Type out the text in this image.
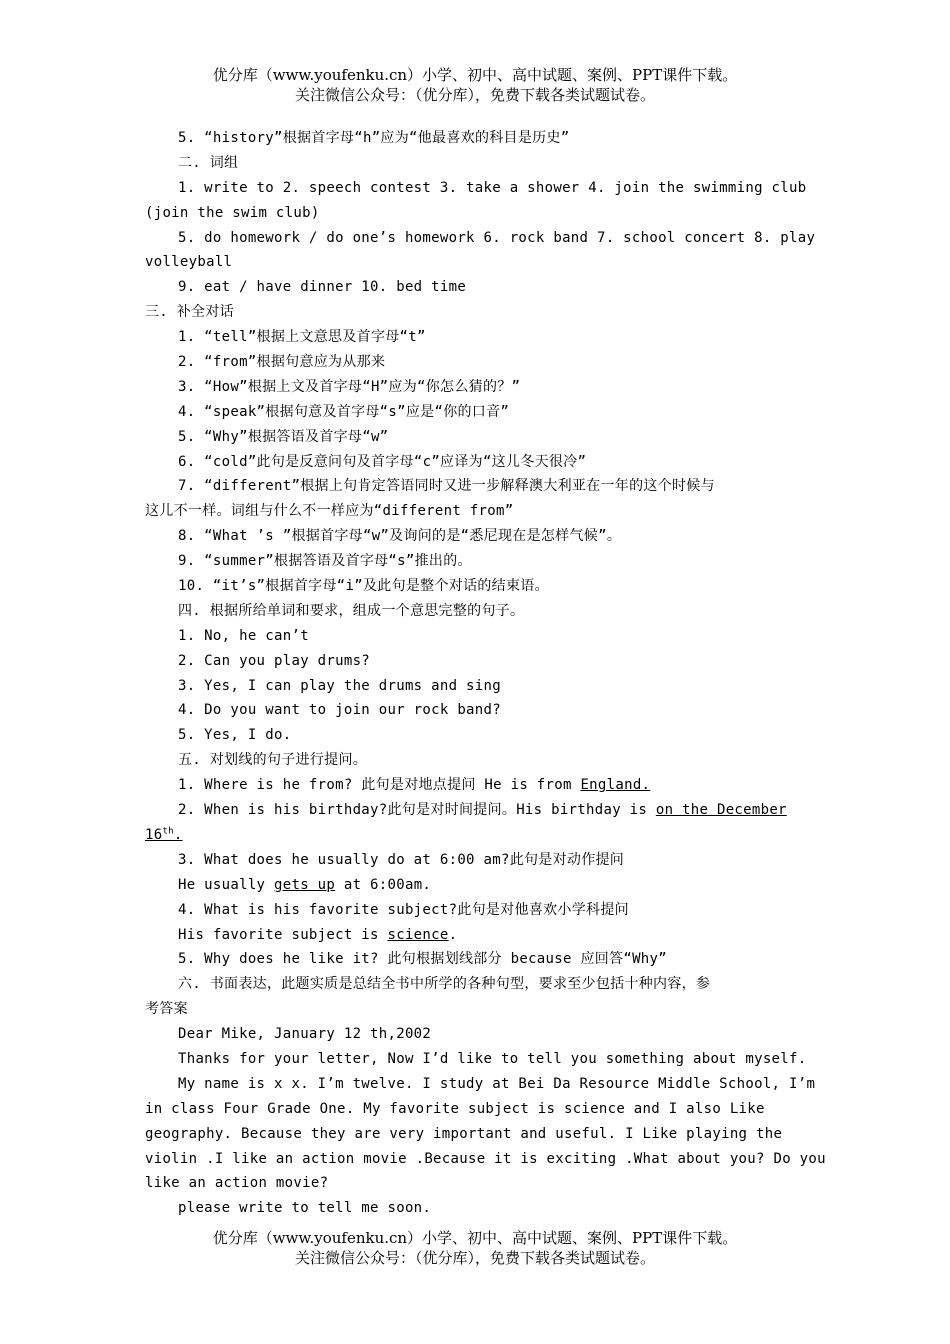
优分库（www.youfenku.cn）小学、初中、高中试题、案例、PPT课件下载。
关注微信公众号：（优分库），免费下载各类试题试卷。
5. “history”根据首字母“h”应为“他最喜欢的科目是历史”
二. 词组
1. write to 2. speech contest 3. take a shower 4. join the swimming club
(join the swim club)
5. do homework / do one’s homework 6. rock band 7. school concert 8. play
volleyball
9. eat / have dinner 10. bed time
三. 补全对话
1. “tell”根据上文意思及首字母“t”
2. “from”根据句意应为从那来
3. “How”根据上文及首字母“H”应为“你怎么猜的？”
4. “speak”根据句意及首字母“s”应是“你的口音”
5. “Why”根据答语及首字母“w”
6. “cold”此句是反意问句及首字母“c”应译为“这儿冬天很冷”
7. “different”根据上句肯定答语同时又进一步解释澳大利亚在一年的这个时候与
这儿不一样。词组与什么不一样应为“different from”
8. “What ’s ”根据首字母“w”及询问的是“悉尼现在是怎样气候”。
9. “summer”根据答语及首字母“s”推出的。
10. “it’s”根据首字母“i”及此句是整个对话的结束语。
四. 根据所给单词和要求，组成一个意思完整的句子。
1. No, he can’t
2. Can you play drums?
3. Yes, I can play the drums and sing
4. Do you want to join our rock band?
5. Yes, I do.
五. 对划线的句子进行提问。
1. Where is he from? 此句是对地点提问 He is from England.
2. When is his birthday?此句是对时间提问。His birthday is on the December
16th.
3. What does he usually do at 6:00 am?此句是对动作提问
He usually gets up at 6:00am.
4. What is his favorite subject?此句是对他喜欢小学科提问
His favorite subject is science.
5. Why does he like it? 此句根据划线部分 because 应回答“Why”
六. 书面表达，此题实质是总结全书中所学的各种句型，要求至少包括十种内容，参
考答案
Dear Mike, January 12 th,2002
Thanks for your letter, Now I’d like to tell you something about myself.
My name is x x. I’m twelve. I study at Bei Da Resource Middle School, I’m
in class Four Grade One. My favorite subject is science and I also Like
geography. Because they are very important and useful. I Like playing the
violin .I like an action movie .Because it is exciting .What about you? Do you
like an action movie?
please write to tell me soon.
优分库（www.youfenku.cn）小学、初中、高中试题、案例、PPT课件下载。
关注微信公众号：（优分库），免费下载各类试题试卷。
